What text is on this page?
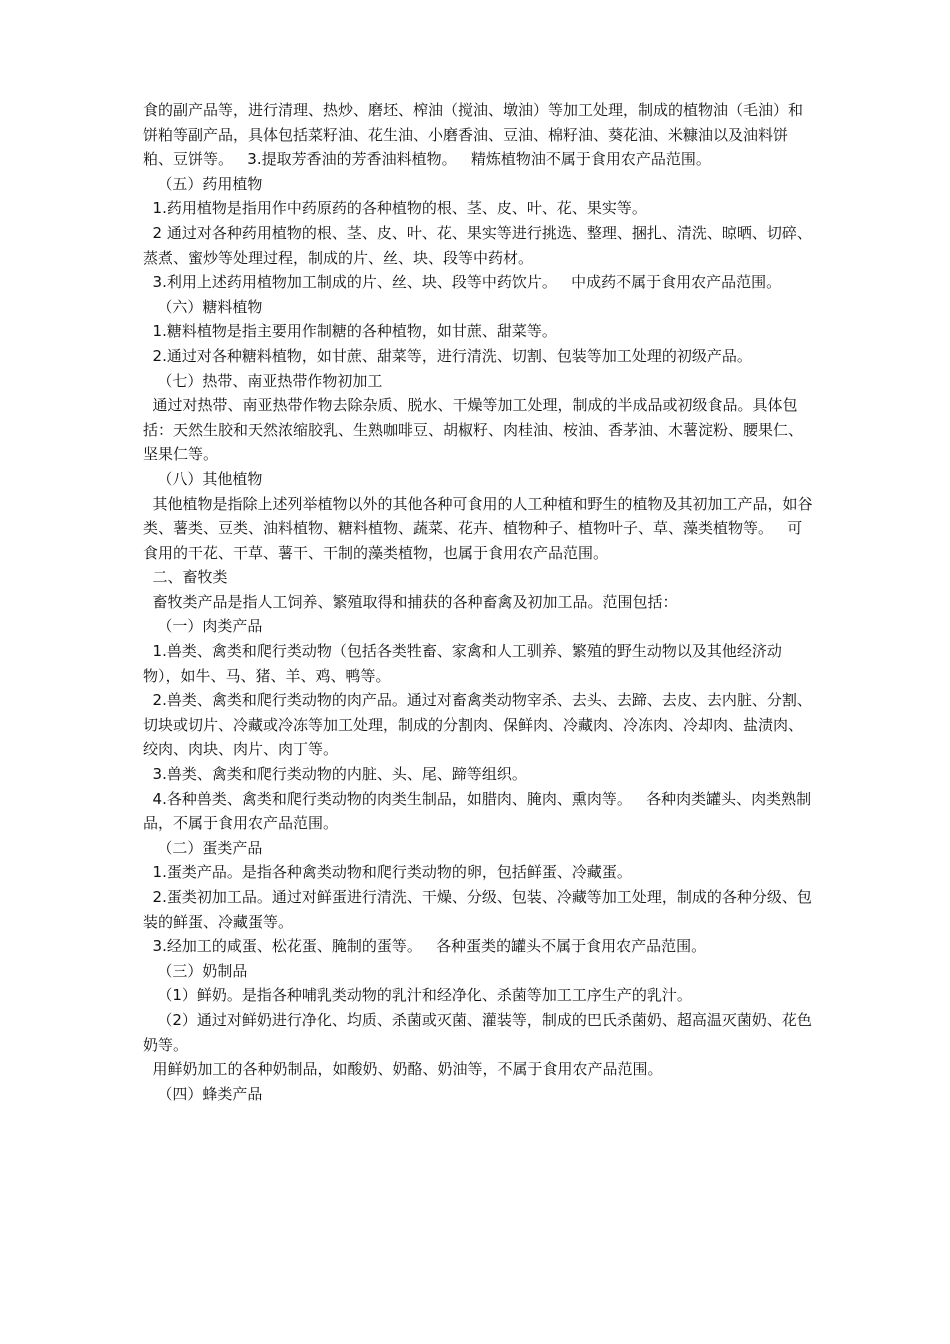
食的副产品等，进行清理、热炒、磨坯、榨油（搅油、墩油）等加工处理，制成的植物油（毛油）和饼粕等副产品，具体包括菜籽油、花生油、小磨香油、豆油、棉籽油、葵花油、米糠油以及油料饼粕、豆饼等。   3.提取芳香油的芳香油料植物。   精炼植物油不属于食用农产品范围。

（五）药用植物

1.药用植物是指用作中药原药的各种植物的根、茎、皮、叶、花、果实等。

2 通过对各种药用植物的根、茎、皮、叶、花、果实等进行挑选、整理、捆扎、清洗、晾晒、切碎、蒸煮、蜜炒等处理过程，制成的片、丝、块、段等中药材。

3.利用上述药用植物加工制成的片、丝、块、段等中药饮片。   中成药不属于食用农产品范围。

（六）糖料植物

1.糖料植物是指主要用作制糖的各种植物，如甘蔗、甜菜等。

2.通过对各种糖料植物，如甘蔗、甜菜等，进行清洗、切割、包装等加工处理的初级产品。

（七）热带、南亚热带作物初加工

通过对热带、南亚热带作物去除杂质、脱水、干燥等加工处理，制成的半成品或初级食品。具体包括：天然生胶和天然浓缩胶乳、生熟咖啡豆、胡椒籽、肉桂油、桉油、香茅油、木薯淀粉、腰果仁、坚果仁等。

（八）其他植物

其他植物是指除上述列举植物以外的其他各种可食用的人工种植和野生的植物及其初加工产品，如谷类、薯类、豆类、油料植物、糖料植物、蔬菜、花卉、植物种子、植物叶子、草、藻类植物等。   可食用的干花、干草、薯干、干制的藻类植物，也属于食用农产品范围。

二、畜牧类

畜牧类产品是指人工饲养、繁殖取得和捕获的各种畜禽及初加工品。范围包括：

（一）肉类产品

1.兽类、禽类和爬行类动物（包括各类牲畜、家禽和人工驯养、繁殖的野生动物以及其他经济动物），如牛、马、猪、羊、鸡、鸭等。

2.兽类、禽类和爬行类动物的肉产品。通过对畜禽类动物宰杀、去头、去蹄、去皮、去内脏、分割、切块或切片、冷藏或冷冻等加工处理，制成的分割肉、保鲜肉、冷藏肉、冷冻肉、冷却肉、盐渍肉、绞肉、肉块、肉片、肉丁等。

3.兽类、禽类和爬行类动物的内脏、头、尾、蹄等组织。

4.各种兽类、禽类和爬行类动物的肉类生制品，如腊肉、腌肉、熏肉等。   各种肉类罐头、肉类熟制品，不属于食用农产品范围。

（二）蛋类产品

1.蛋类产品。是指各种禽类动物和爬行类动物的卵，包括鲜蛋、冷藏蛋。

2.蛋类初加工品。通过对鲜蛋进行清洗、干燥、分级、包装、冷藏等加工处理，制成的各种分级、包装的鲜蛋、冷藏蛋等。

3.经加工的咸蛋、松花蛋、腌制的蛋等。   各种蛋类的罐头不属于食用农产品范围。

（三）奶制品

（1）鲜奶。是指各种哺乳类动物的乳汁和经净化、杀菌等加工工序生产的乳汁。

（2）通过对鲜奶进行净化、均质、杀菌或灭菌、灌装等，制成的巴氏杀菌奶、超高温灭菌奶、花色奶等。

用鲜奶加工的各种奶制品，如酸奶、奶酪、奶油等，不属于食用农产品范围。

（四）蜂类产品
